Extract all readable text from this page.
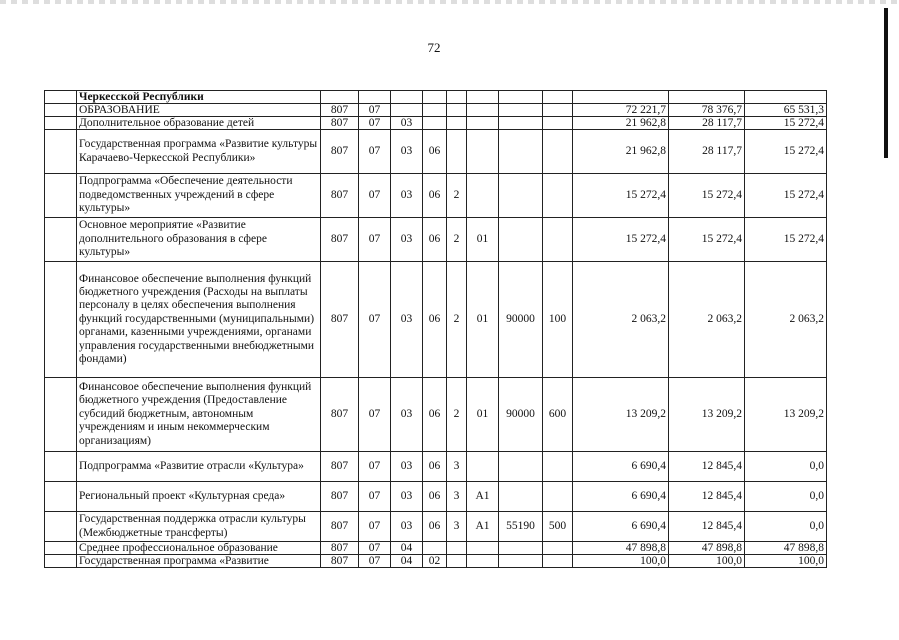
72
	Черкесской Республики											
	ОБРАЗОВАНИЕ	807	07							72 221,7	78 376,7	65 531,3
	Дополнительное образование детей	807	07	03						21 962,8	28 117,7	15 272,4
	Государственная программа «Развитие культуры Карачаево-Черкесской Республики»	807	07	03	06					21 962,8	28 117,7	15 272,4
	Подпрограмма «Обеспечение деятельности подведомственных учреждений в сфере культуры»	807	07	03	06	2				15 272,4	15 272,4	15 272,4
	Основное мероприятие «Развитие дополнительного образования в сфере культуры»	807	07	03	06	2	01			15 272,4	15 272,4	15 272,4
	Финансовое обеспечение выполнения функций бюджетного учреждения (Расходы на выплаты персоналу в целях обеспечения выполнения функций государственными (муниципальными) органами, казенными учреждениями, органами управления государственными внебюджетными фондами)	807	07	03	06	2	01	90000	100	2 063,2	2 063,2	2 063,2
	Финансовое обеспечение выполнения функций бюджетного учреждения (Предоставление субсидий бюджетным, автономным учреждениям и иным некоммерческим организациям)	807	07	03	06	2	01	90000	600	13 209,2	13 209,2	13 209,2
	Подпрограмма «Развитие отрасли «Культура»	807	07	03	06	3				6 690,4	12 845,4	0,0
	Региональный проект «Культурная среда»	807	07	03	06	3	A1			6 690,4	12 845,4	0,0
	Государственная поддержка отрасли культуры (Межбюджетные трансферты)	807	07	03	06	3	A1	55190	500	6 690,4	12 845,4	0,0
	Среднее профессиональное образование	807	07	04						47 898,8	47 898,8	47 898,8
	Государственная программа «Развитие	807	07	04	02					100,0	100,0	100,0
